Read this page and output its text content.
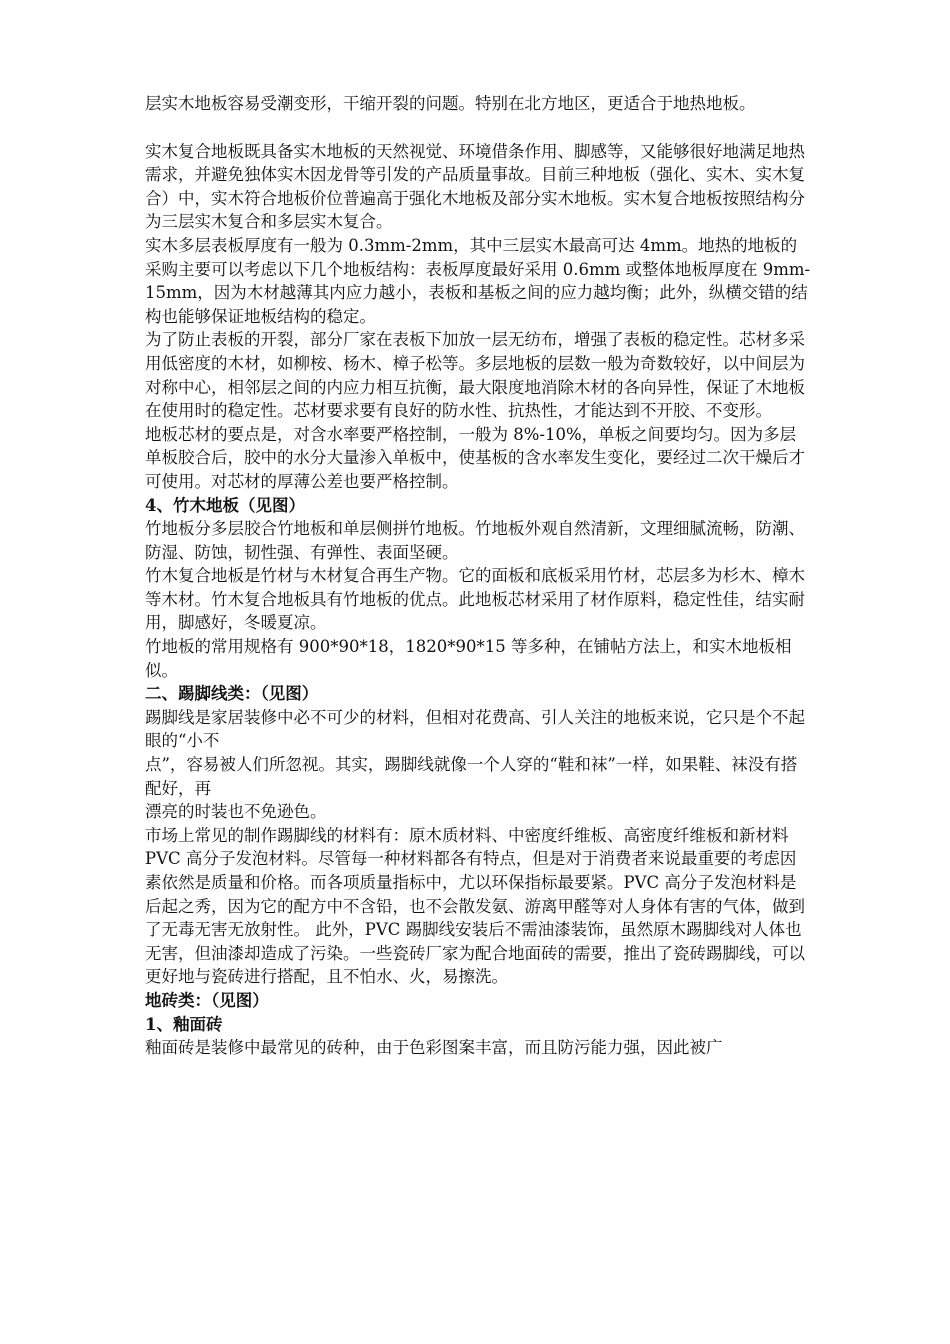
层实木地板容易受潮变形，干缩开裂的问题。特别在北方地区，更适合于地热地板。

实木复合地板既具备实木地板的天然视觉、环境借条作用、脚感等，又能够很好地满足地热需求，并避免独体实木因龙骨等引发的产品质量事故。目前三种地板（强化、实木、实木复合）中，实木符合地板价位普遍高于强化木地板及部分实木地板。实木复合地板按照结构分为三层实木复合和多层实木复合。

实木多层表板厚度有一般为 0.3mm-2mm，其中三层实木最高可达 4mm。地热的地板的采购主要可以考虑以下几个地板结构：表板厚度最好采用 0.6mm 或整体地板厚度在 9mm-15mm，因为木材越薄其内应力越小，表板和基板之间的应力越均衡；此外，纵横交错的结构也能够保证地板结构的稳定。

为了防止表板的开裂，部分厂家在表板下加放一层无纺布，增强了表板的稳定性。芯材多采用低密度的木材，如柳桉、杨木、樟子松等。多层地板的层数一般为奇数较好，以中间层为对称中心，相邻层之间的内应力相互抗衡，最大限度地消除木材的各向异性，保证了木地板在使用时的稳定性。芯材要求要有良好的防水性、抗热性，才能达到不开胶、不变形。

地板芯材的要点是，对含水率要严格控制，一般为 8%-10%，单板之间要均匀。因为多层单板胶合后，胶中的水分大量渗入单板中，使基板的含水率发生变化，要经过二次干燥后才可使用。对芯材的厚薄公差也要严格控制。

4、竹木地板（见图）

竹地板分多层胶合竹地板和单层侧拼竹地板。竹地板外观自然清新，文理细腻流畅，防潮、防湿、防蚀，韧性强、有弹性、表面坚硬。

竹木复合地板是竹材与木材复合再生产物。它的面板和底板采用竹材，芯层多为杉木、樟木等木材。竹木复合地板具有竹地板的优点。此地板芯材采用了材作原料，稳定性佳，结实耐用，脚感好，冬暖夏凉。

竹地板的常用规格有 900*90*18，1820*90*15 等多种，在铺帖方法上，和实木地板相似。

二、踢脚线类：（见图）

踢脚线是家居装修中必不可少的材料，但相对花费高、引人关注的地板来说，它只是个不起眼的“小不

点”，容易被人们所忽视。其实，踢脚线就像一个人穿的“鞋和袜”一样，如果鞋、袜没有搭配好，再

漂亮的时装也不免逊色。

市场上常见的制作踢脚线的材料有：原木质材料、中密度纤维板、高密度纤维板和新材料 PVC 高分子发泡材料。尽管每一种材料都各有特点，但是对于消费者来说最重要的考虑因素依然是质量和价格。而各项质量指标中，尤以环保指标最要紧。PVC 高分子发泡材料是后起之秀，因为它的配方中不含铅，也不会散发氨、游离甲醛等对人身体有害的气体，做到了无毒无害无放射性。 此外，PVC 踢脚线安装后不需油漆装饰，虽然原木踢脚线对人体也无害，但油漆却造成了污染。一些瓷砖厂家为配合地面砖的需要，推出了瓷砖踢脚线，可以更好地与瓷砖进行搭配，且不怕水、火，易擦洗。

地砖类：（见图）

1、釉面砖

釉面砖是装修中最常见的砖种，由于色彩图案丰富，而且防污能力强，因此被广
